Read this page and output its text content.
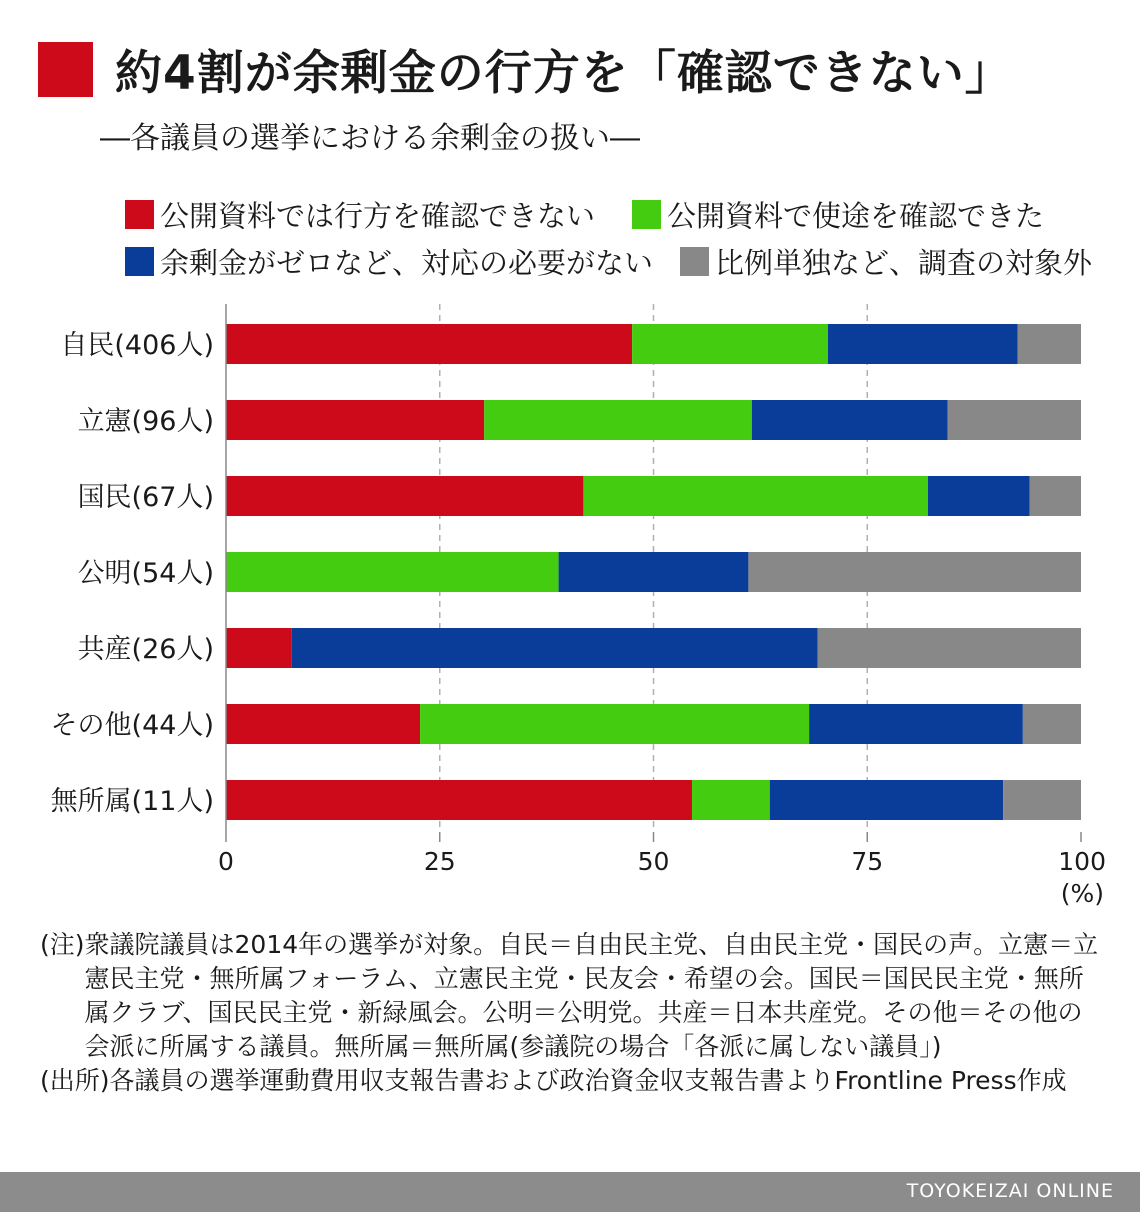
約4割が余剰金の行方を「確認できない」
―各議員の選挙における余剰金の扱い―
公開資料では行方を確認できない 公開資料で使途を確認できた
余剰金がゼロなど、対応の必要がない 比例単独など、調査の対象外
自民(406人)
立憲(96人)
国民(67人)
公明(54人)
共産(26人)
その他(44人)
無所属(11人)
0	25	50	75	100
(%)
(注) 衆議院議員は2014年の選挙が対象。自民＝自由民主党、自由民主党・国民の声。立憲＝立憲民主党・無所属フォーラム、立憲民主党・民友会・希望の会。国民＝国民民主党・無所属クラブ、国民民主党・新緑風会。公明＝公明党。共産＝日本共産党。その他＝その他の会派に所属する議員。無所属＝無所属(参議院の場合「各派に属しない議員」)
(出所) 各議員の選挙運動費用収支報告書および政治資金収支報告書よりFrontline Press作成
TOYOKEIZAI ONLINE
